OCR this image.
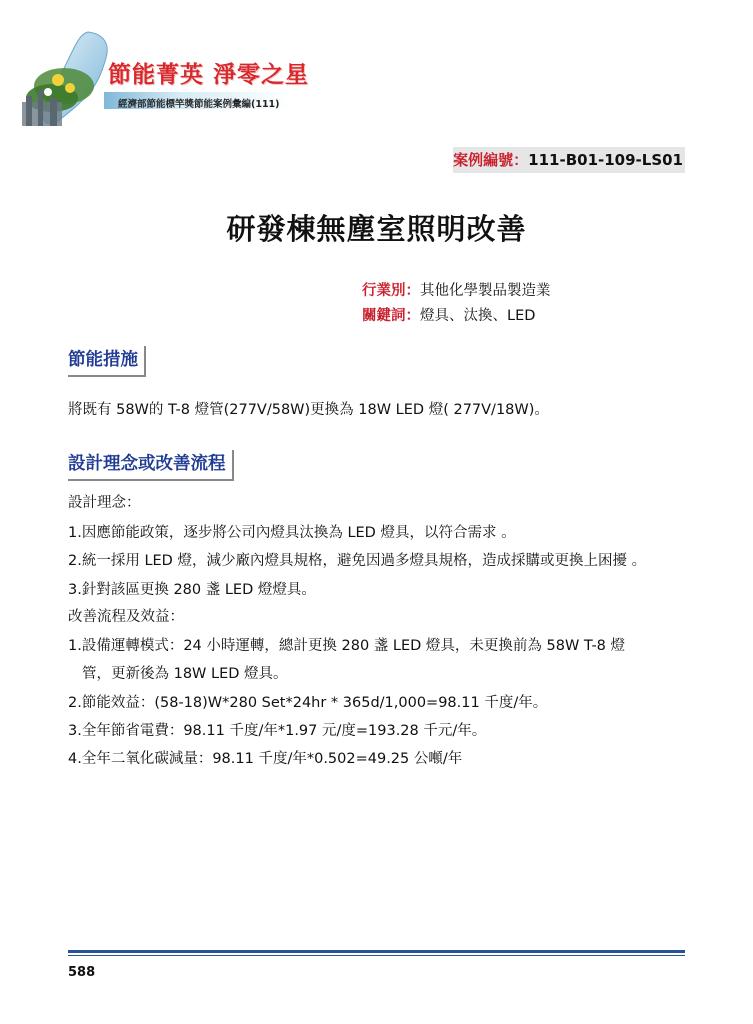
節能菁英 淨零之星
經濟部節能標竿獎節能案例彙編(111)
案例編號：111-B01-109-LS01
研發棟無塵室照明改善
行業別：其他化學製品製造業
關鍵詞：燈具、汰換、LED
節能措施
將既有 58W的 T-8 燈管(277V/58W)更換為 18W LED 燈( 277V/18W)。
設計理念或改善流程
設計理念：
1.因應節能政策，逐步將公司內燈具汰換為 LED 燈具，以符合需求 。
2.統一採用 LED 燈，減少廠內燈具規格，避免因過多燈具規格，造成採購或更換上困擾 。
3.針對該區更換 280 盞 LED 燈燈具。
改善流程及效益：
1.設備運轉模式：24 小時運轉，總計更換 280 盞 LED 燈具，未更換前為 58W T-8 燈
管，更新後為 18W LED 燈具。
2.節能效益：(58-18)W*280 Set*24hr * 365d/1,000=98.11 千度/年。
3.全年節省電費：98.11 千度/年*1.97 元/度=193.28 千元/年。
4.全年二氧化碳減量：98.11 千度/年*0.502=49.25 公噸/年
588
